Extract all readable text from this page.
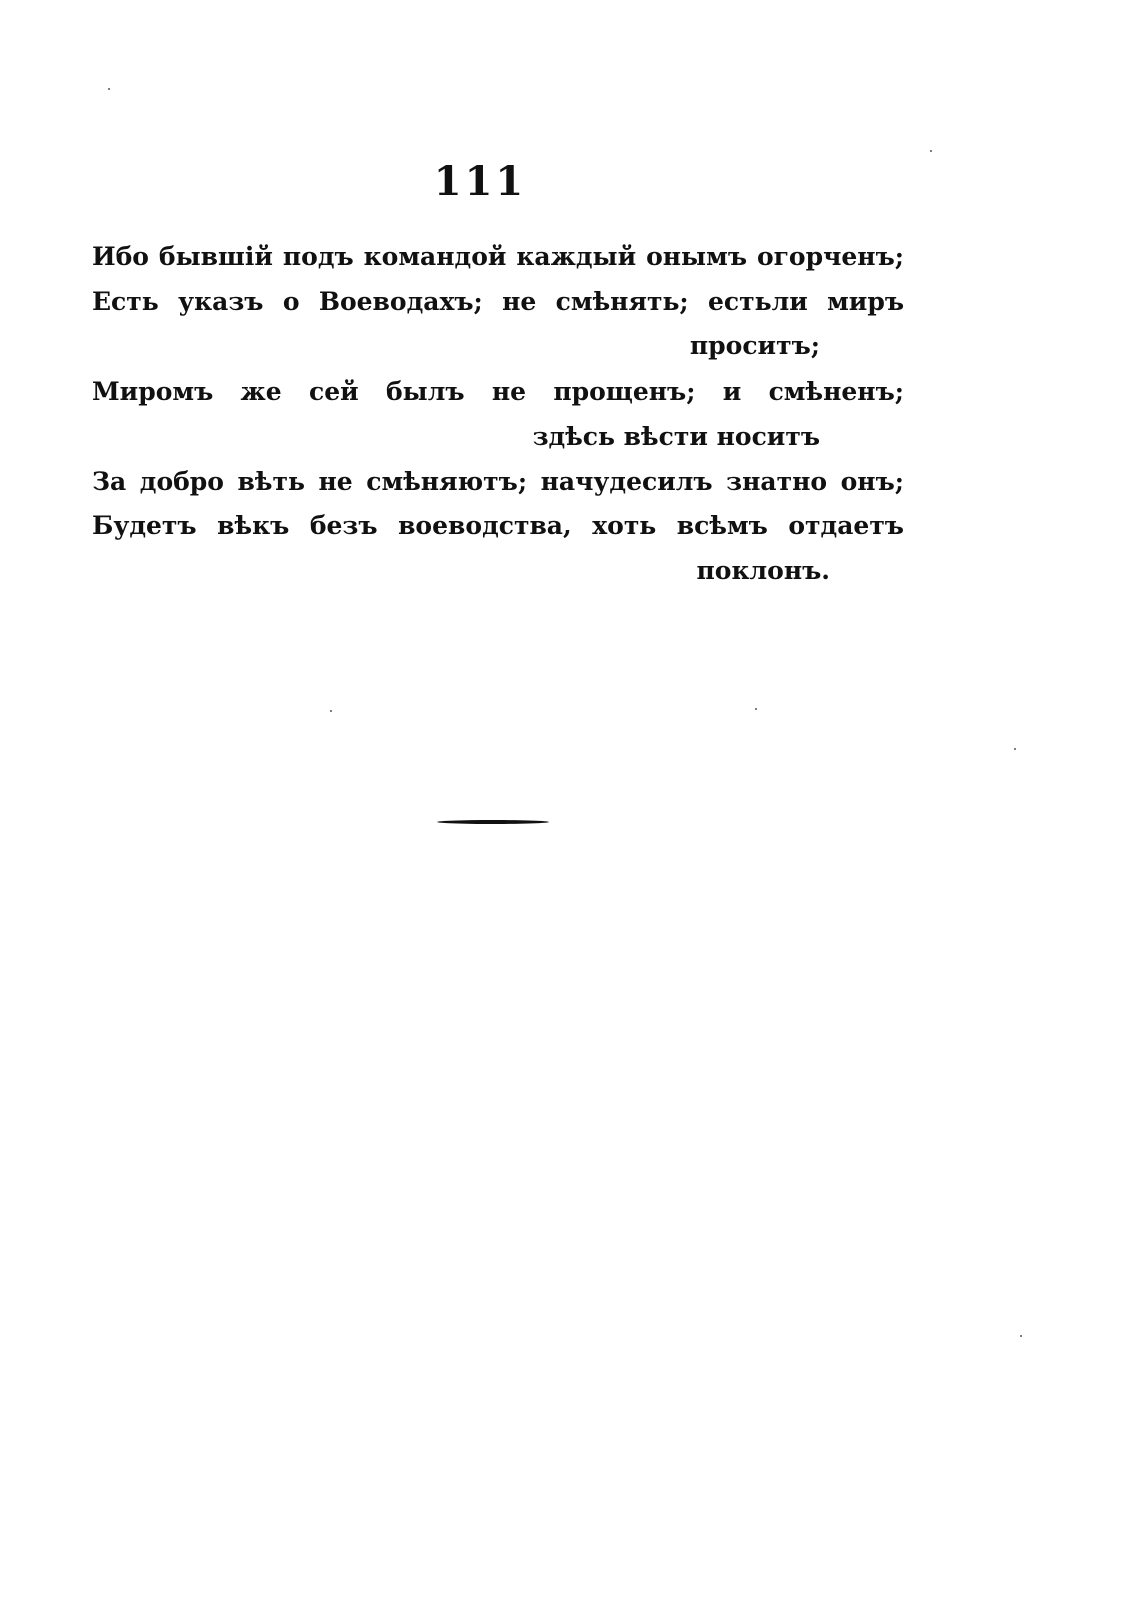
111
Ибо бывшій подъ командой каждый онымъ огорченъ;
Есть указъ о Воеводахъ; не смѣнять; естьли миръ
проситъ;
Миромъ же сей былъ не прощенъ; и смѣненъ;
здѣсь вѣсти носитъ
За добро вѣть не смѣняютъ; начудесилъ знатно онъ;
Будетъ вѣкъ безъ воеводства, хоть всѣмъ отдаетъ
поклонъ.
